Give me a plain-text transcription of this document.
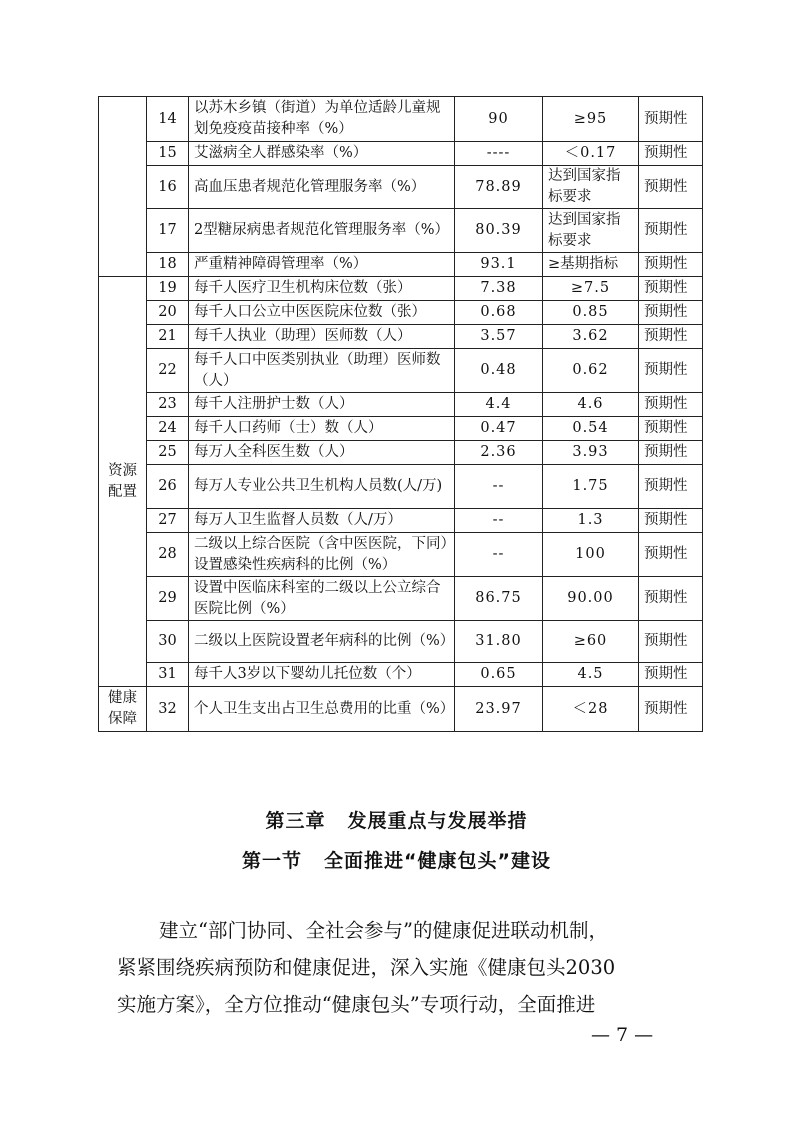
	14	以苏木乡镇（街道）为单位适龄儿童规划免疫疫苗接种率（%）	90	≥95	预期性
	15	艾滋病全人群感染率（%）	----	＜0.17	预期性
	16	高血压患者规范化管理服务率（%）	78.89	达到国家指标要求	预期性
	17	2型糖尿病患者规范化管理服务率（%）	80.39	达到国家指标要求	预期性
	18	严重精神障碍管理率（%）	93.1	≥基期指标	预期性
资源配置	19	每千人医疗卫生机构床位数（张）	7.38	≥7.5	预期性
	20	每千人口公立中医医院床位数（张）	0.68	0.85	预期性
	21	每千人执业（助理）医师数（人）	3.57	3.62	预期性
	22	每千人口中医类别执业（助理）医师数（人）	0.48	0.62	预期性
	23	每千人注册护士数（人）	4.4	4.6	预期性
	24	每千人口药师（士）数（人）	0.47	0.54	预期性
	25	每万人全科医生数（人）	2.36	3.93	预期性
	26	每万人专业公共卫生机构人员数(人/万)	--	1.75	预期性
	27	每万人卫生监督人员数（人/万）	--	1.3	预期性
	28	二级以上综合医院（含中医医院，下同）设置感染性疾病科的比例（%）	--	100	预期性
	29	设置中医临床科室的二级以上公立综合医院比例（%）	86.75	90.00	预期性
	30	二级以上医院设置老年病科的比例（%）	31.80	≥60	预期性
	31	每千人3岁以下婴幼儿托位数（个）	0.65	4.5	预期性
健康保障	32	个人卫生支出占卫生总费用的比重（%）	23.97	＜28	预期性
第三章 发展重点与发展举措
第一节 全面推进“健康包头”建设
建立“部门协同、全社会参与”的健康促进联动机制，
紧紧围绕疾病预防和健康促进，深入实施《健康包头2030
实施方案》，全方位推动“健康包头”专项行动，全面推进
— 7 —
